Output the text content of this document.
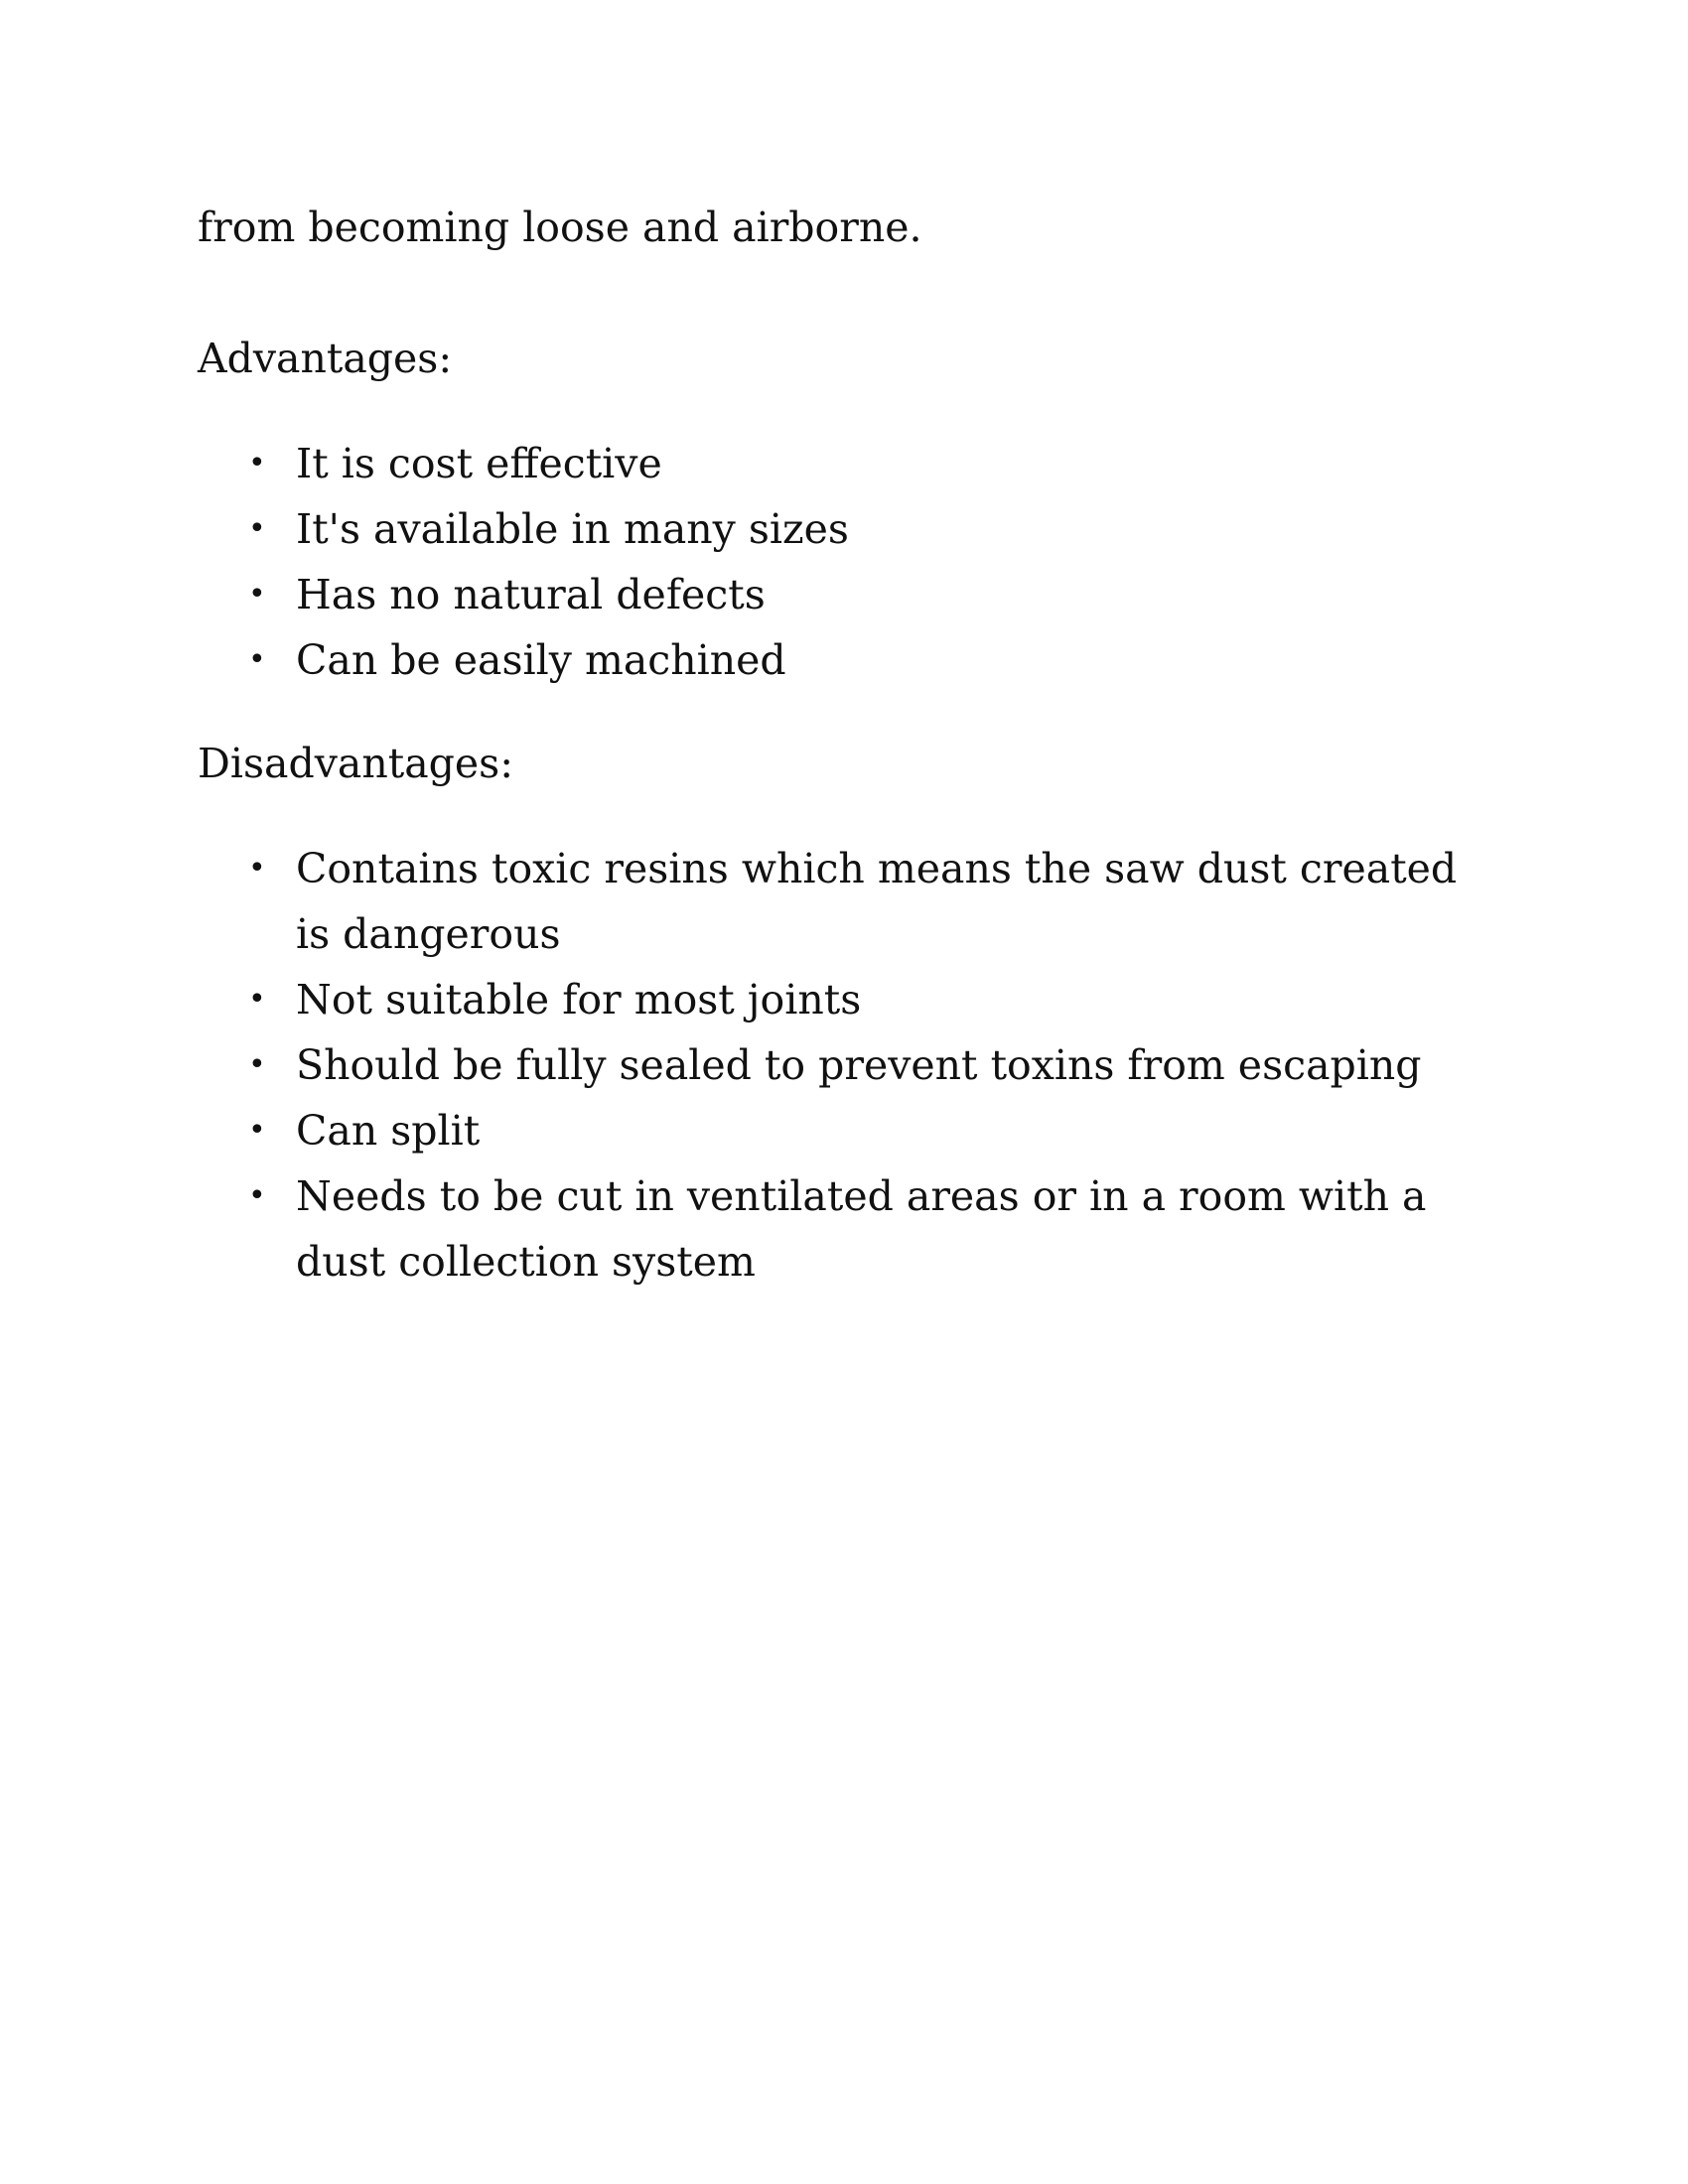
from becoming loose and airborne.

Advantages:

• It is cost effective
• It's available in many sizes
• Has no natural defects
• Can be easily machined

Disadvantages:

• Contains toxic resins which means the saw dust created is dangerous
• Not suitable for most joints
• Should be fully sealed to prevent toxins from escaping
• Can split
• Needs to be cut in ventilated areas or in a room with a dust collection system
